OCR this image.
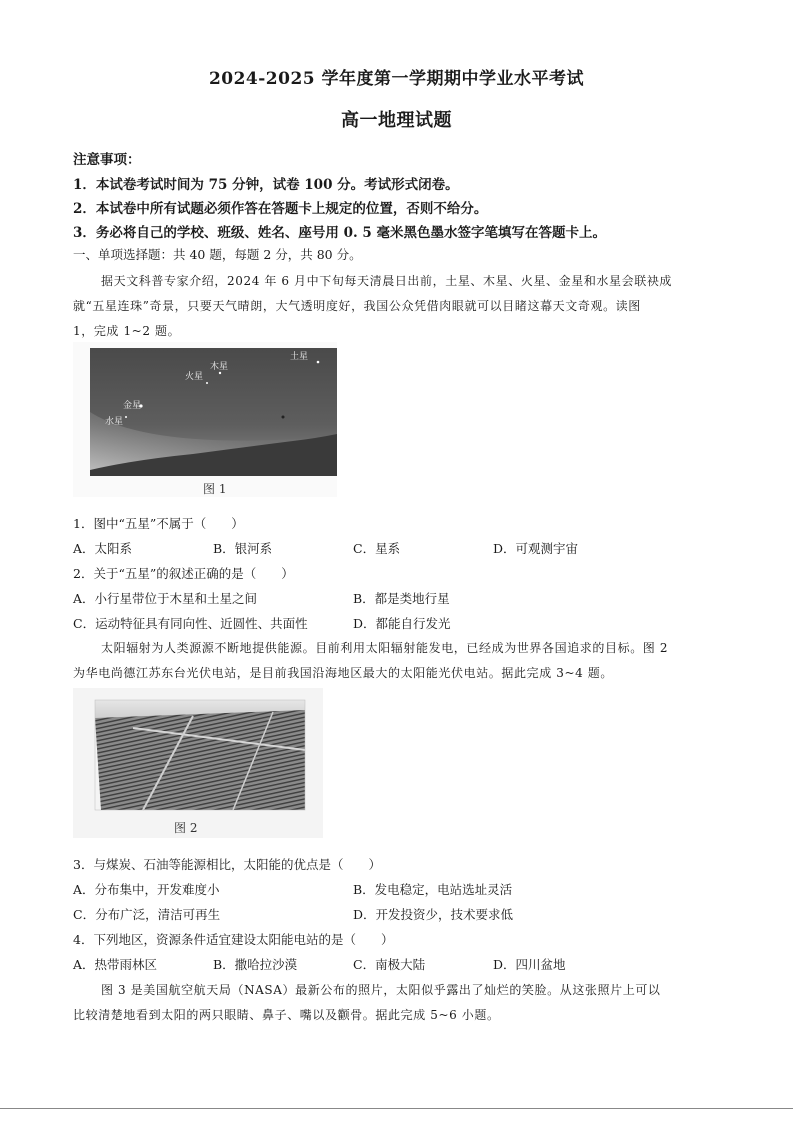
2024-2025 学年度第一学期期中学业水平考试
高一地理试题
注意事项：
1．本试卷考试时间为 75 分钟，试卷 100 分。考试形式闭卷。
2．本试卷中所有试题必须作答在答题卡上规定的位置，否则不给分。
3．务必将自己的学校、班级、姓名、座号用 0. 5 毫米黑色墨水签字笔填写在答题卡上。
一、单项选择题：共 40 题，每题 2 分，共 80 分。
据天文科普专家介绍，2024 年 6 月中下旬每天清晨日出前，土星、木星、火星、金星和水星会联袂成
就“五星连珠”奇景，只要天气晴朗，大气透明度好，我国公众凭借肉眼就可以目睹这幕天文奇观。读图
1，完成 1~2 题。
土星
木星
火星
金星
水星
图 1
1．图中“五星”不属于（　　）
A．太阳系	B．银河系	C．星系	D．可观测宇宙
2．关于“五星”的叙述正确的是（　　）
A．小行星带位于木星和土星之间	B．都是类地行星
C．运动特征具有同向性、近圆性、共面性	D．都能自行发光
太阳辐射为人类源源不断地提供能源。目前利用太阳辐射能发电，已经成为世界各国追求的目标。图 2
为华电尚德江苏东台光伏电站，是目前我国沿海地区最大的太阳能光伏电站。据此完成 3~4 题。
图 2
3．与煤炭、石油等能源相比，太阳能的优点是（　　）
A．分布集中，开发难度小	B．发电稳定，电站选址灵活
C．分布广泛，清洁可再生	D．开发投资少，技术要求低
4．下列地区，资源条件适宜建设太阳能电站的是（　　）
A．热带雨林区	B．撒哈拉沙漠	C．南极大陆	D．四川盆地
图 3 是美国航空航天局（NASA）最新公布的照片，太阳似乎露出了灿烂的笑脸。从这张照片上可以
比较清楚地看到太阳的两只眼睛、鼻子、嘴以及颧骨。据此完成 5~6 小题。
